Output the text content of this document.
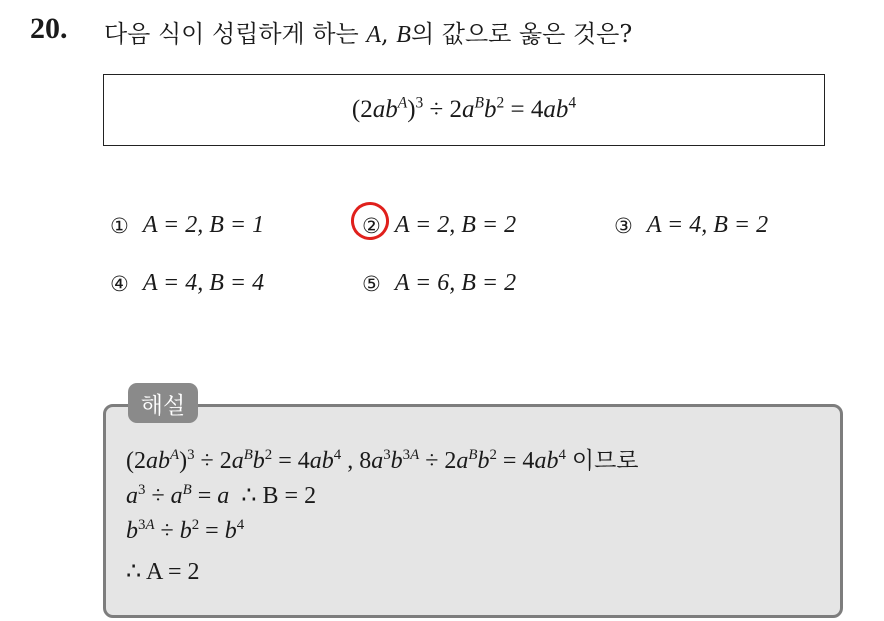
20. 다음 식이 성립하게 하는 A, B의 값으로 옳은 것은?
$(2ab^A)^3 \div 2a^Bb^2 = 4ab^4$
① A = 2, B = 1	② A = 2, B = 2	③ A = 4, B = 2
④ A = 4, B = 4	⑤ A = 6, B = 2
해설
$(2ab^A)^3 \div 2a^Bb^2 = 4ab^4$ , $8a^3b^{3A} \div 2a^Bb^2 = 4ab^4$ 이므로
$a^3 \div a^B = a$ ∴ B = 2
$b^{3A} \div b^2 = b^4$
∴ A = 2
